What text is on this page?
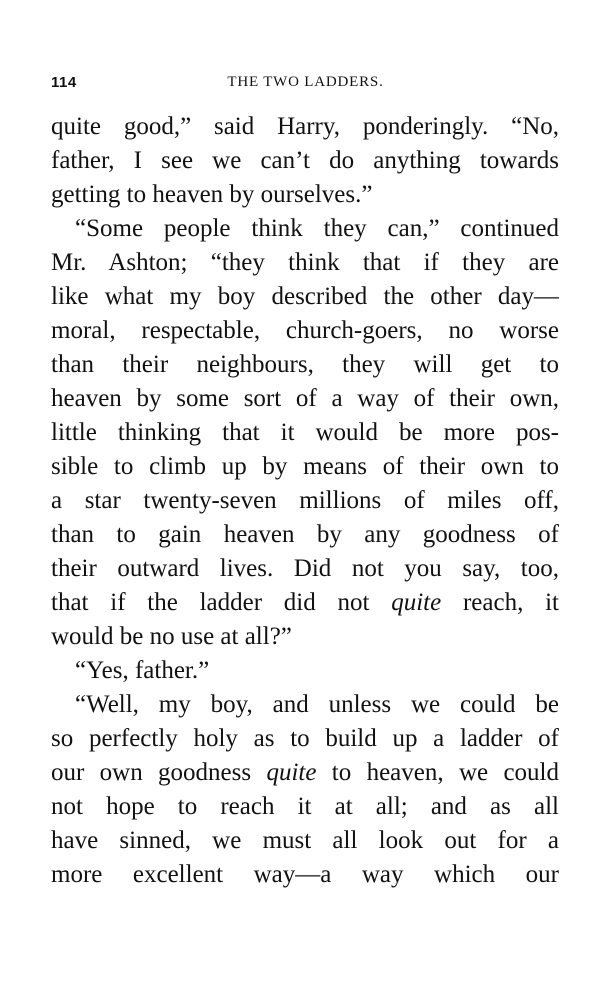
114	THE TWO LADDERS.
quite good,” said Harry, ponderingly. “No,
father, I see we can’t do anything towards
getting to heaven by ourselves.”
“Some people think they can,” continued
Mr. Ashton; “they think that if they are
like what my boy described the other day—
moral, respectable, church-goers, no worse
than their neighbours, they will get to
heaven by some sort of a way of their own,
little thinking that it would be more pos-
sible to climb up by means of their own to
a star twenty-seven millions of miles off,
than to gain heaven by any goodness of
their outward lives. Did not you say, too,
that if the ladder did not quite reach, it
would be no use at all?”
“Yes, father.”
“Well, my boy, and unless we could be
so perfectly holy as to build up a ladder of
our own goodness quite to heaven, we could
not hope to reach it at all; and as all
have sinned, we must all look out for a
more excellent way—a way which our
